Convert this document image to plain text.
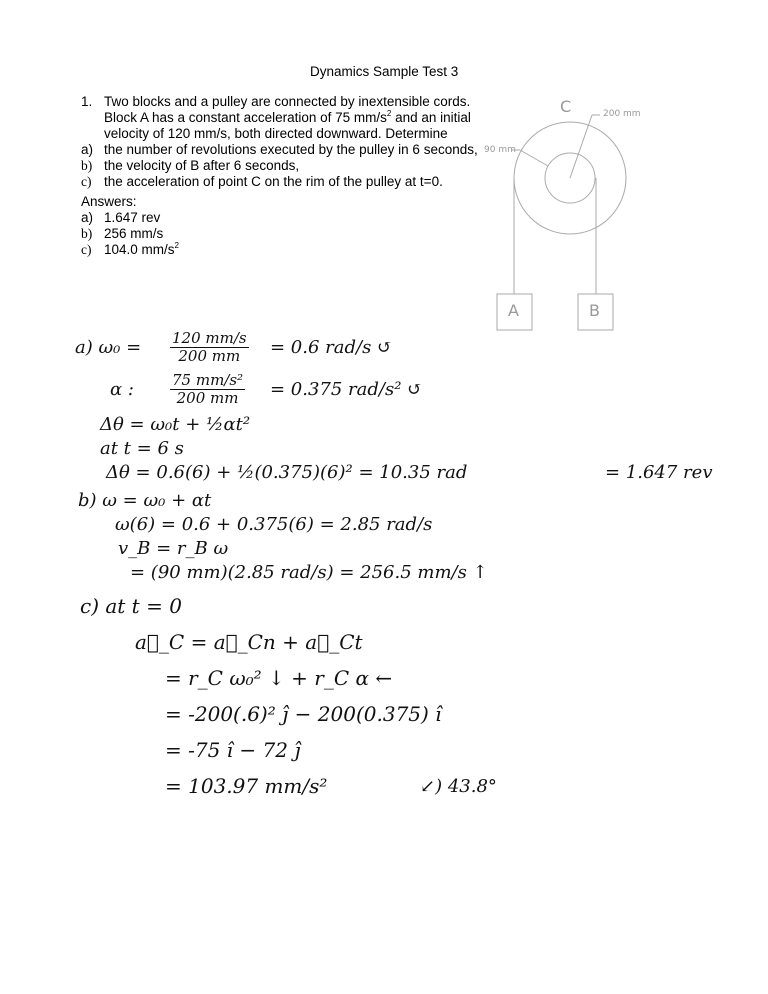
Dynamics Sample Test 3
1. Two blocks and a pulley are connected by inextensible cords.
Block A has a constant acceleration of 75 $mm/s^2$ and an initial
velocity of 120 mm/s, both directed downward. Determine
a) the number of revolutions executed by the pulley in 6 seconds,
b) the velocity of B after 6 seconds,
c) the acceleration of point C on the rim of the pulley at t=0.
Answers:
a) 1.647 rev
b) 256 mm/s
c) 104.0 $mm/s^2$
C	200 mm
90 mm
A	B
a) $\omega_0 = \frac{120 mm/s}{200 mm} = 0.6$ rad/s ↺
α : $\frac{\text{75 mm/s²}}{200 mm} = 0.375$ rad/s² ↺
Δθ = ω₀t + ½αt²
at t = 6 s
Δθ = 0.6(6) + ½(0.375)(6)² = 10.35 rad	= 1.647 rev
b) ω = ω₀ + αt
ω(6) = 0.6 + 0.375(6) = 2.85 rad/s
v_B = r_B ω
= (90 mm)(2.85 rad/s) = 256.5 mm/s ↑
c) at t = 0
a⃗_C = a⃗_Cn + a⃗_Ct
= r_C ω₀² ↓ + r_C α ←
= -200(.6)² ĵ − 200(0.375) î
= -75 î − 72 ĵ
= 103.97 mm/s²	↙) 43.8°
